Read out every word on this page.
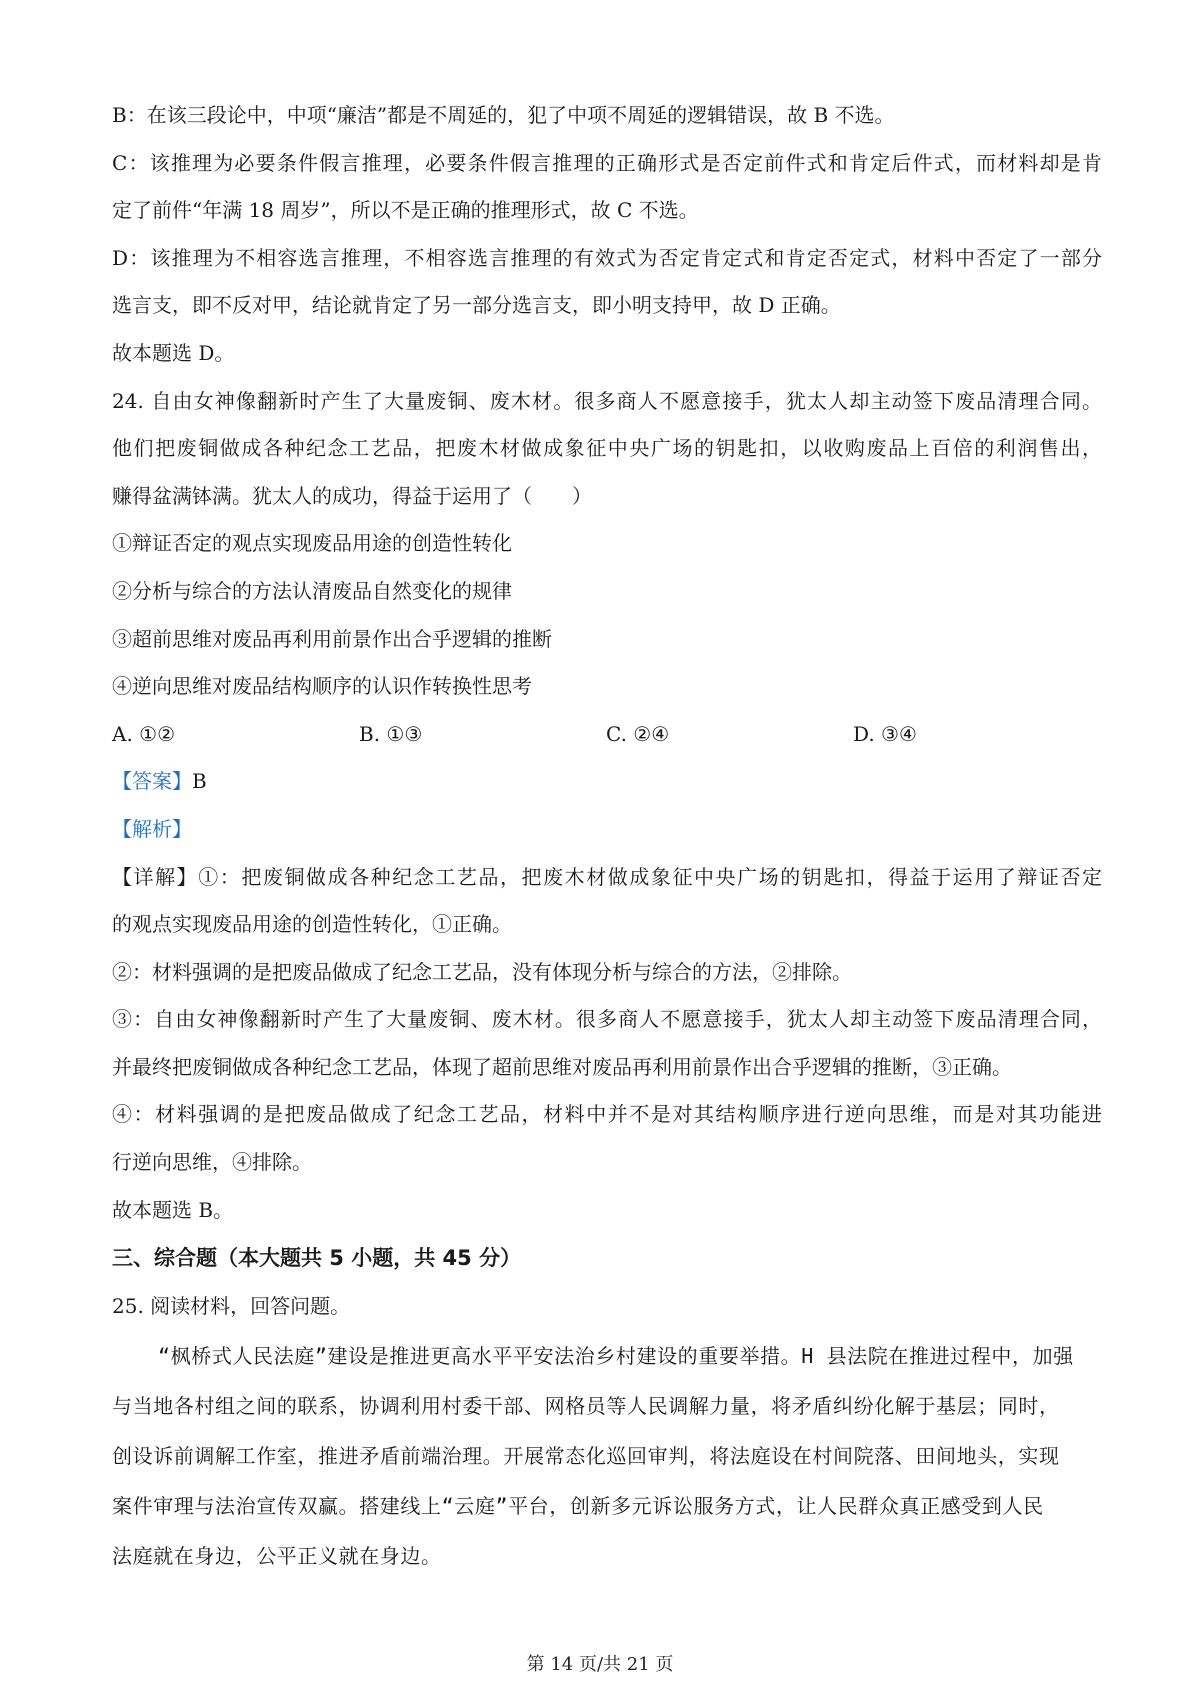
B：在该三段论中，中项“廉洁”都是不周延的，犯了中项不周延的逻辑错误，故 B 不选。
C：该推理为必要条件假言推理，必要条件假言推理的正确形式是否定前件式和肯定后件式，而材料却是肯
定了前件“年满 18 周岁”，所以不是正确的推理形式，故 C 不选。
D：该推理为不相容选言推理，不相容选言推理的有效式为否定肯定式和肯定否定式，材料中否定了一部分
选言支，即不反对甲，结论就肯定了另一部分选言支，即小明支持甲，故 D 正确。
故本题选 D。
24. 自由女神像翻新时产生了大量废铜、废木材。很多商人不愿意接手，犹太人却主动签下废品清理合同。
他们把废铜做成各种纪念工艺品，把废木材做成象征中央广场的钥匙扣，以收购废品上百倍的利润售出，
赚得盆满钵满。犹太人的成功，得益于运用了（　　）
①辩证否定的观点实现废品用途的创造性转化
②分析与综合的方法认清废品自然变化的规律
③超前思维对废品再利用前景作出合乎逻辑的推断
④逆向思维对废品结构顺序的认识作转换性思考
A. ①②	B. ①③	C. ②④	D. ③④
【答案】B
【解析】
【详解】①：把废铜做成各种纪念工艺品，把废木材做成象征中央广场的钥匙扣，得益于运用了辩证否定
的观点实现废品用途的创造性转化，①正确。
②：材料强调的是把废品做成了纪念工艺品，没有体现分析与综合的方法，②排除。
③：自由女神像翻新时产生了大量废铜、废木材。很多商人不愿意接手，犹太人却主动签下废品清理合同，
并最终把废铜做成各种纪念工艺品，体现了超前思维对废品再利用前景作出合乎逻辑的推断，③正确。
④：材料强调的是把废品做成了纪念工艺品，材料中并不是对其结构顺序进行逆向思维，而是对其功能进
行逆向思维，④排除。
故本题选 B。
三、综合题（本大题共 5 小题，共 45 分）
25. 阅读材料，回答问题。
“枫桥式人民法庭”建设是推进更高水平平安法治乡村建设的重要举措。H 县法院在推进过程中，加强
与当地各村组之间的联系，协调利用村委干部、网格员等人民调解力量，将矛盾纠纷化解于基层；同时，
创设诉前调解工作室，推进矛盾前端治理。开展常态化巡回审判，将法庭设在村间院落、田间地头，实现
案件审理与法治宣传双赢。搭建线上“云庭”平台，创新多元诉讼服务方式，让人民群众真正感受到人民
法庭就在身边，公平正义就在身边。
第 14 页/共 21 页
